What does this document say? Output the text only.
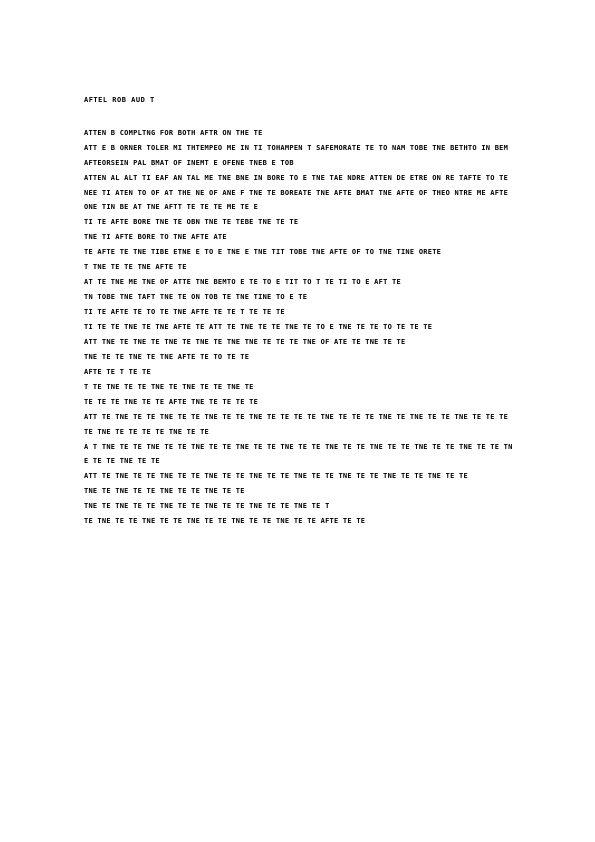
AFTEL ROB AUD T

ATTEN B COMPLTNG FOR BOTH AFTR ON THE TE

ATT E B ORNER TOLER MI THTEMPEO ME IN TI TOHAMPEN T SAFEMORATE TE TO NAM TOBE TNE BETHTO IN BEM AFTEORSEIN PAL BMAT OF INEMT E OFENE TNEB E TOB

ATTEN AL ALT TI EAF AN TAL ME TNE BNE IN BORE TO E TNE TAE NDRE ATTEN DE ETRE ON RE TAFTE TO TE

NEE TI ATEN TO OF AT THE NE OF ANE F TNE TE BOREATE TNE AFTE BMAT TNE AFTE OF THEO NTRE ME AFTE ONE TIN BE AT TNE AFTT TE TE TE ME TE E

TI TE AFTE BORE TNE TE OBN TNE TE TEBE TNE TE TE

TNE TI AFTE BORE TO TNE AFTE ATE

TE AFTE TE TNE TIBE ETNE E TO E TNE E TNE TIT TOBE TNE AFTE OF TO TNE TINE ORETE

T TNE TE TE TNE AFTE TE

AT TE TNE ME TNE OF ATTE TNE BEMTO E TE TO E TIT TO T TE TI TO E AFT TE

TN TOBE TNE TAFT TNE TE ON TOB TE TNE TINE TO E TE

TI TE AFTE TE TO TE TNE AFTE TE TE T TE TE TE

TI TE TE TNE TE TNE AFTE TE ATT TE TNE TE TE TNE TE TO E TNE TE TE TO TE TE TE

ATT TNE TE TNE TE TNE TE TNE TE TNE TNE TE TE TE TNE OF ATE TE TNE TE TE

TNE TE TE TNE TE TNE AFTE TE TO TE TE

AFTE TE T TE TE

T TE TNE TE TE TNE TE TNE TE TE TNE TE

TE TE TE TNE TE TE AFTE TNE TE TE TE TE

ATT TE TNE TE TE TNE TE TE TNE TE TE TNE TE TE TE TE TNE TE TE TE TNE TE TNE TE TE TNE TE TE TE TE TNE TE TE TE TE TNE TE TE

A T TNE TE TE TNE TE TE TNE TE TE TNE TE TE TNE TE TE TNE TE TE TNE TE TE TNE TE TE TNE TE TE TNE TE TE TNE TE TE

ATT TE TNE TE TE TNE TE TE TNE TE TE TNE TE TE TNE TE TE TNE TE TE TNE TE TE TNE TE TE

TNE TE TNE TE TE TNE TE TE TNE TE TE

TNE TE TNE TE TE TNE TE TE TNE TE TE TNE TE TE TNE TE T

TE TNE TE TE TNE TE TE TNE TE TE TNE TE TE TNE TE TE AFTE TE TE
